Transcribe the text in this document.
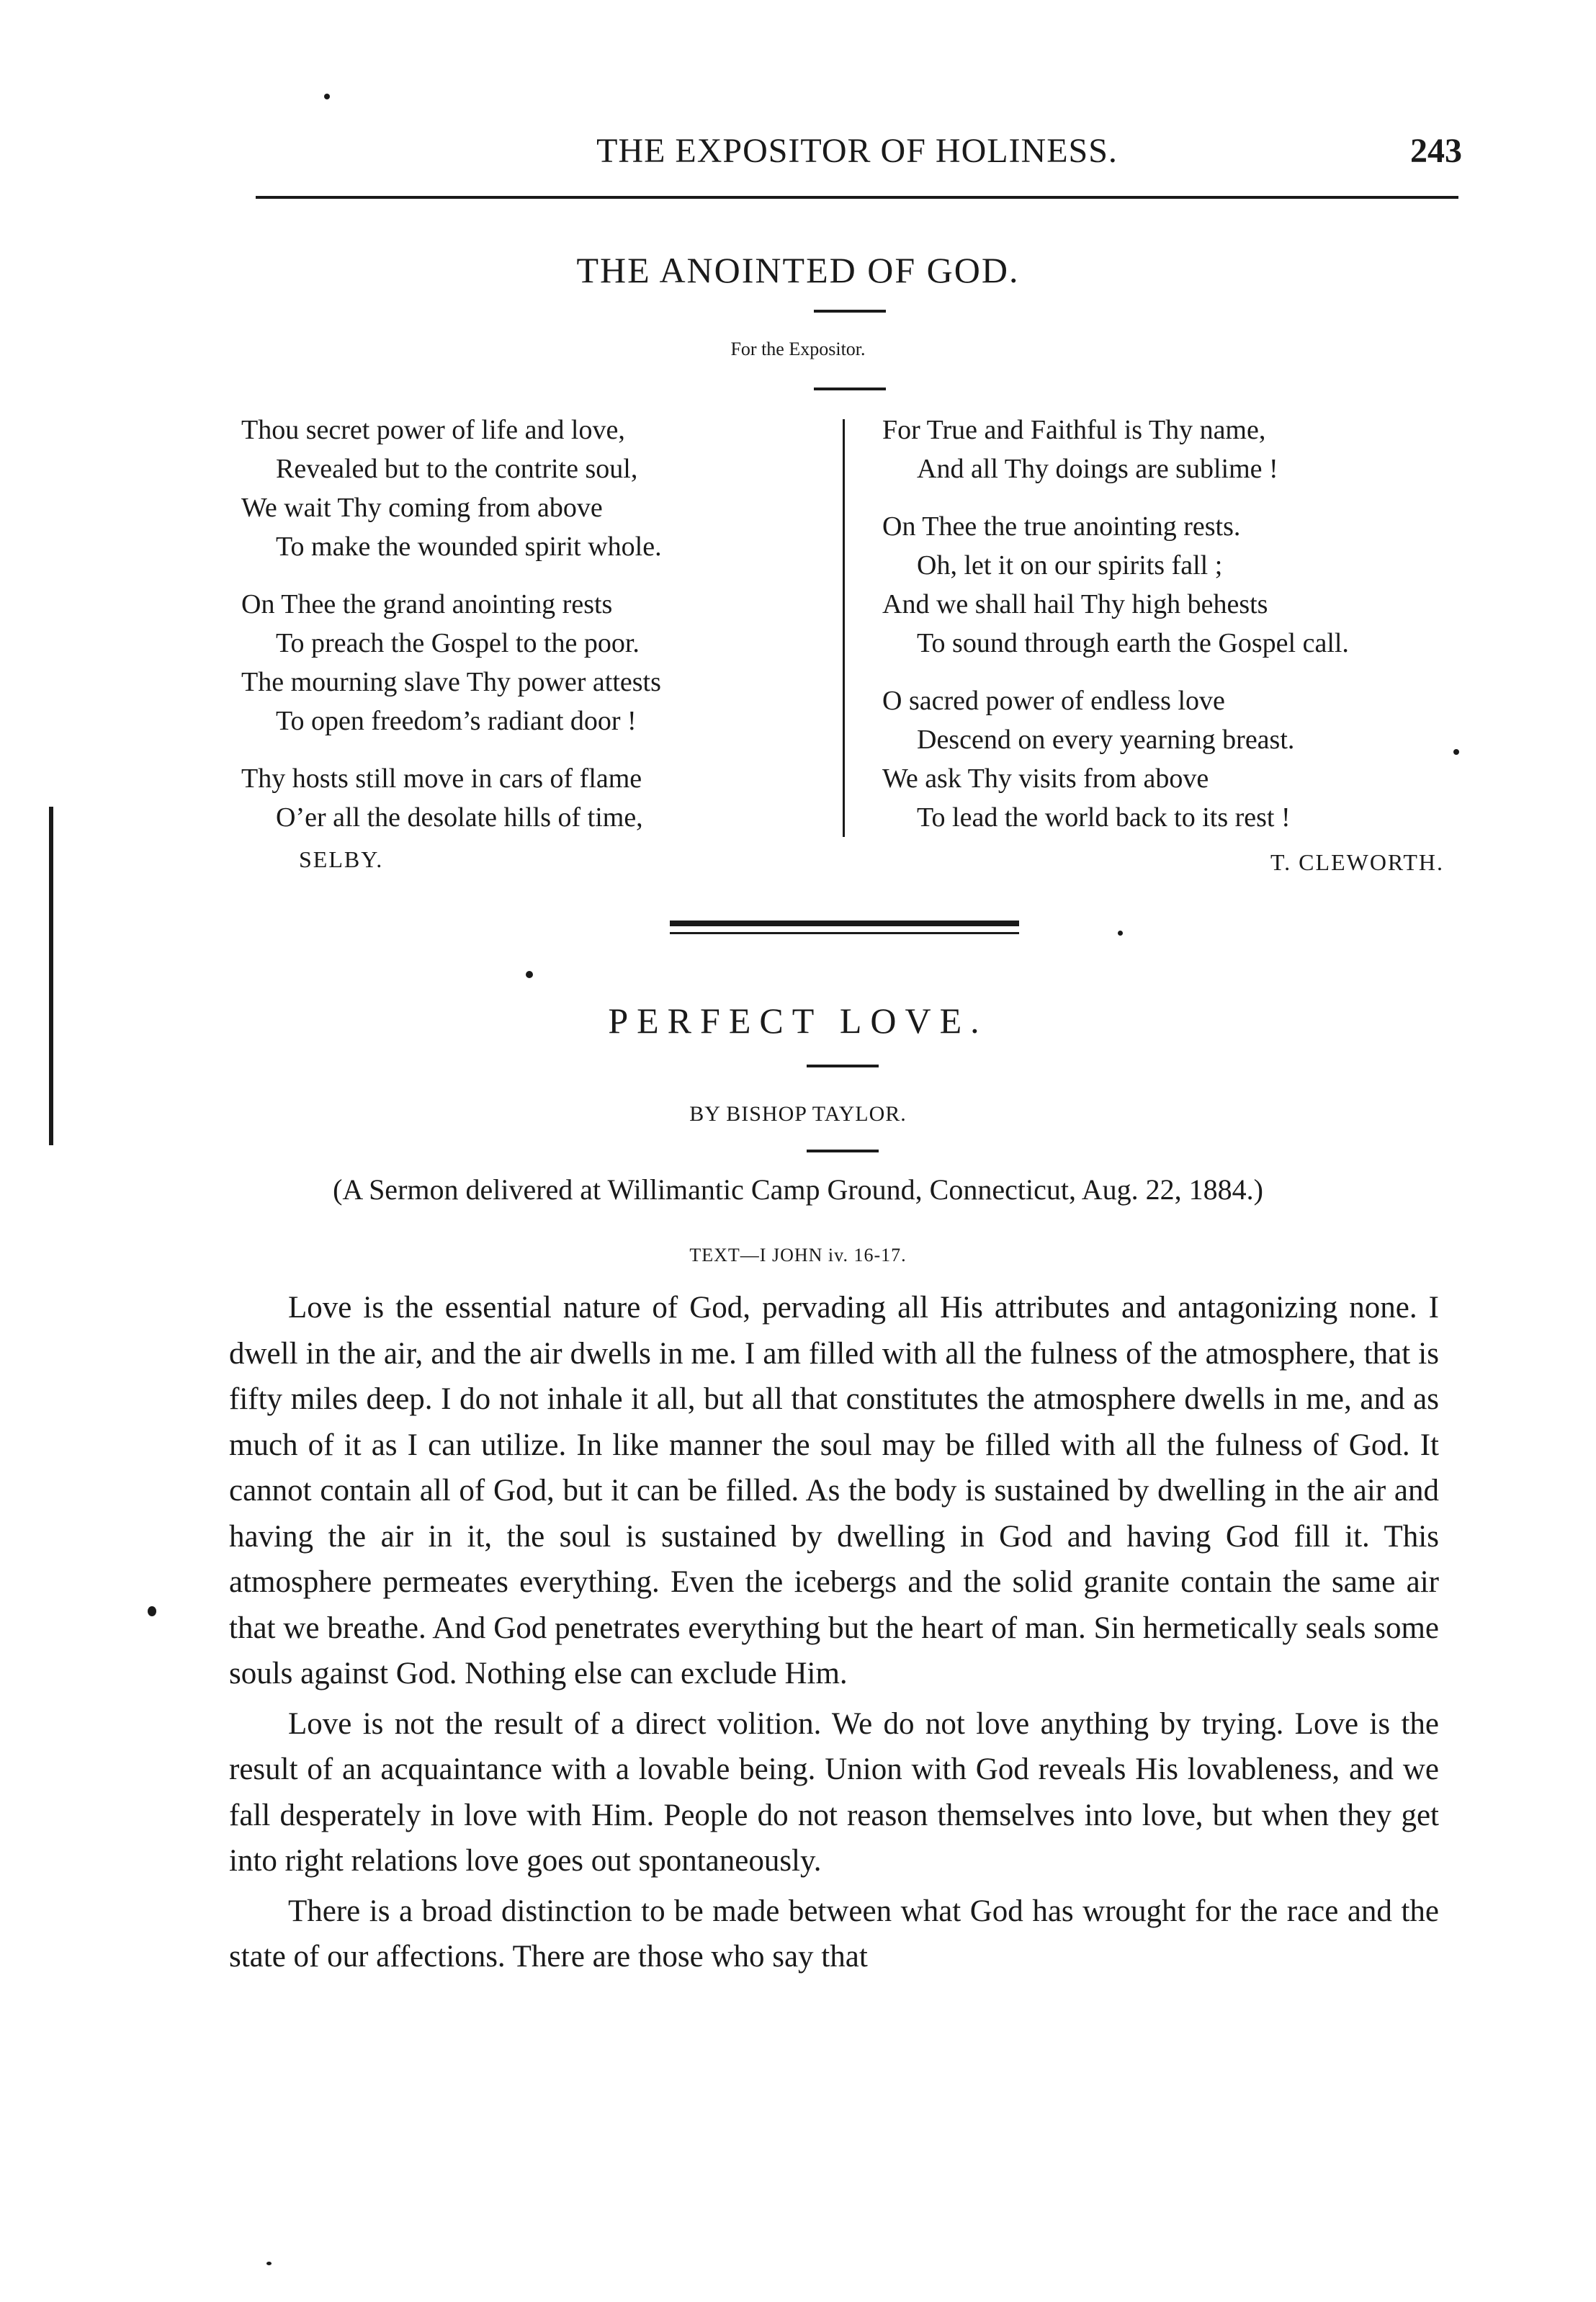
THE EXPOSITOR OF HOLINESS.	243
THE ANOINTED OF GOD.
For the Expositor.
Thou secret power of life and love,
Revealed but to the contrite soul,
We wait Thy coming from above
To make the wounded spirit whole.
On Thee the grand anointing rests
To preach the Gospel to the poor.
The mourning slave Thy power attests
To open freedom’s radiant door !
Thy hosts still move in cars of flame
O’er all the desolate hills of time,
SELBY.
For True and Faithful is Thy name,
And all Thy doings are sublime !
On Thee the true anointing rests.
Oh, let it on our spirits fall ;
And we shall hail Thy high behests
To sound through earth the Gospel call.
O sacred power of endless love
Descend on every yearning breast.
We ask Thy visits from above
To lead the world back to its rest !
T. CLEWORTH.
PERFECT LOVE.
BY BISHOP TAYLOR.
(A Sermon delivered at Willimantic Camp Ground, Connecticut, Aug. 22, 1884.)
TEXT—I JOHN iv. 16-17.

Love is the essential nature of God, pervading all His attributes and antagonizing none. I dwell in the air, and the air dwells in me. I am filled with all the fulness of the atmosphere, that is fifty miles deep. I do not inhale it all, but all that constitutes the atmosphere dwells in me, and as much of it as I can utilize. In like manner the soul may be filled with all the fulness of God. It cannot contain all of God, but it can be filled. As the body is sustained by dwelling in the air and having the air in it, the soul is sustained by dwelling in God and having God fill it. This atmosphere permeates everything. Even the icebergs and the solid granite contain the same air that we breathe. And God penetrates everything but the heart of man. Sin hermetically seals some souls against God. Nothing else can exclude Him.

Love is not the result of a direct volition. We do not love anything by trying. Love is the result of an acquaintance with a lovable being. Union with God reveals His lovableness, and we fall desperately in love with Him. People do not reason themselves into love, but when they get into right relations love goes out spontaneously.

There is a broad distinction to be made between what God has wrought for the race and the state of our affections. There are those who say that
